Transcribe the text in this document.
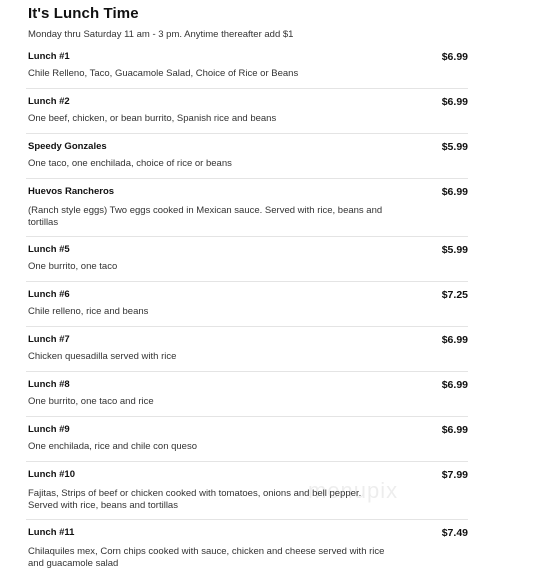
It's Lunch Time
Monday thru Saturday 11 am - 3 pm. Anytime thereafter add $1
Lunch #1	$6.99
Chile Relleno, Taco, Guacamole Salad, Choice of Rice or Beans
Lunch #2	$6.99
One beef, chicken, or bean burrito, Spanish rice and beans
Speedy Gonzales	$5.99
One taco, one enchilada, choice of rice or beans
Huevos Rancheros	$6.99
(Ranch style eggs) Two eggs cooked in Mexican sauce. Served with rice, beans and tortillas
Lunch #5	$5.99
One burrito, one taco
Lunch #6	$7.25
Chile relleno, rice and beans
Lunch #7	$6.99
Chicken quesadilla served with rice
Lunch #8	$6.99
One burrito, one taco and rice
Lunch #9	$6.99
One enchilada, rice and chile con queso
Lunch #10	$7.99
Fajitas, Strips of beef or chicken cooked with tomatoes, onions and bell pepper. Served with rice, beans and tortillas
Lunch #11	$7.49
Chilaquiles mex, Corn chips cooked with sauce, chicken and cheese served with rice and guacamole salad
menupix
